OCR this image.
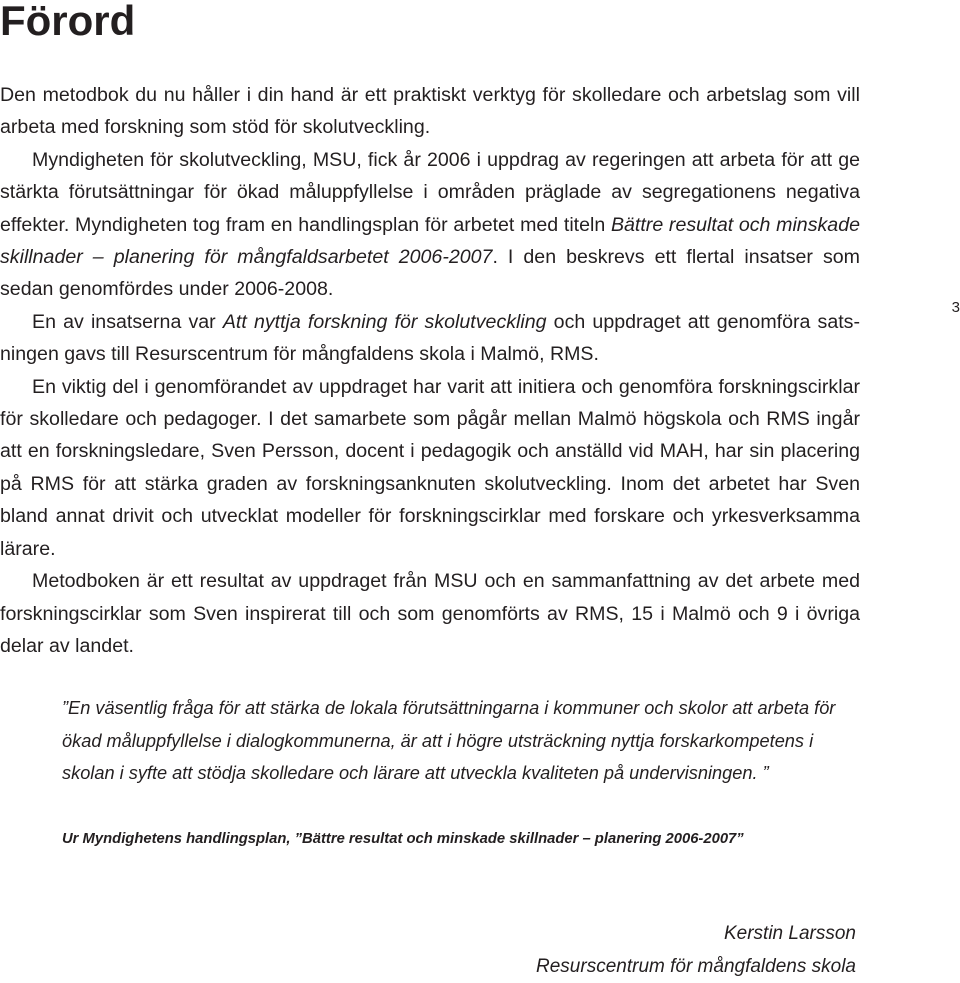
Förord

Den metodbok du nu håller i din hand är ett praktiskt verktyg för skolledare och arbetslag som vill arbeta med forskning som stöd för skolutveckling.

Myndigheten för skolutveckling, MSU, fick år 2006 i uppdrag av regeringen att arbeta för att ge stärkta förutsättningar för ökad måluppfyllelse i områden präglade av segregationens negativa effekter. Myndigheten tog fram en handlingsplan för arbetet med titeln Bättre resultat och minskade skillnader – planering för mångfaldsarbetet 2006-2007. I den beskrevs ett flertal insatser som sedan genomfördes under 2006-2008.

En av insatserna var Att nyttja forskning för skolutveckling och uppdraget att genomföra satsningen gavs till Resurscentrum för mångfaldens skola i Malmö, RMS.

En viktig del i genomförandet av uppdraget har varit att initiera och genomföra forskningscirklar för skolledare och pedagoger. I det samarbete som pågår mellan Malmö högskola och RMS ingår att en forskningsledare, Sven Persson, docent i pedagogik och anställd vid MAH, har sin placering på RMS för att stärka graden av forskningsanknuten skolutveckling. Inom det arbetet har Sven bland annat drivit och utvecklat modeller för forskningscirklar med forskare och yrkesverksamma lärare.

Metodboken är ett resultat av uppdraget från MSU och en sammanfattning av det arbete med forskningscirklar som Sven inspirerat till och som genomförts av RMS, 15 i Malmö och 9 i övriga delar av landet.

3

”En väsentlig fråga för att stärka de lokala förutsättningarna i kommuner och skolor att arbeta för ökad måluppfyllelse i dialogkommunerna, är att i högre utsträckning nyttja forskarkompetens i skolan i syfte att stödja skolledare och lärare att utveckla kvaliteten på undervisningen. ”

Ur Myndighetens handlingsplan, ”Bättre resultat och minskade skillnader – planering 2006-2007”

Kerstin Larsson
Resurscentrum för mångfaldens skola
